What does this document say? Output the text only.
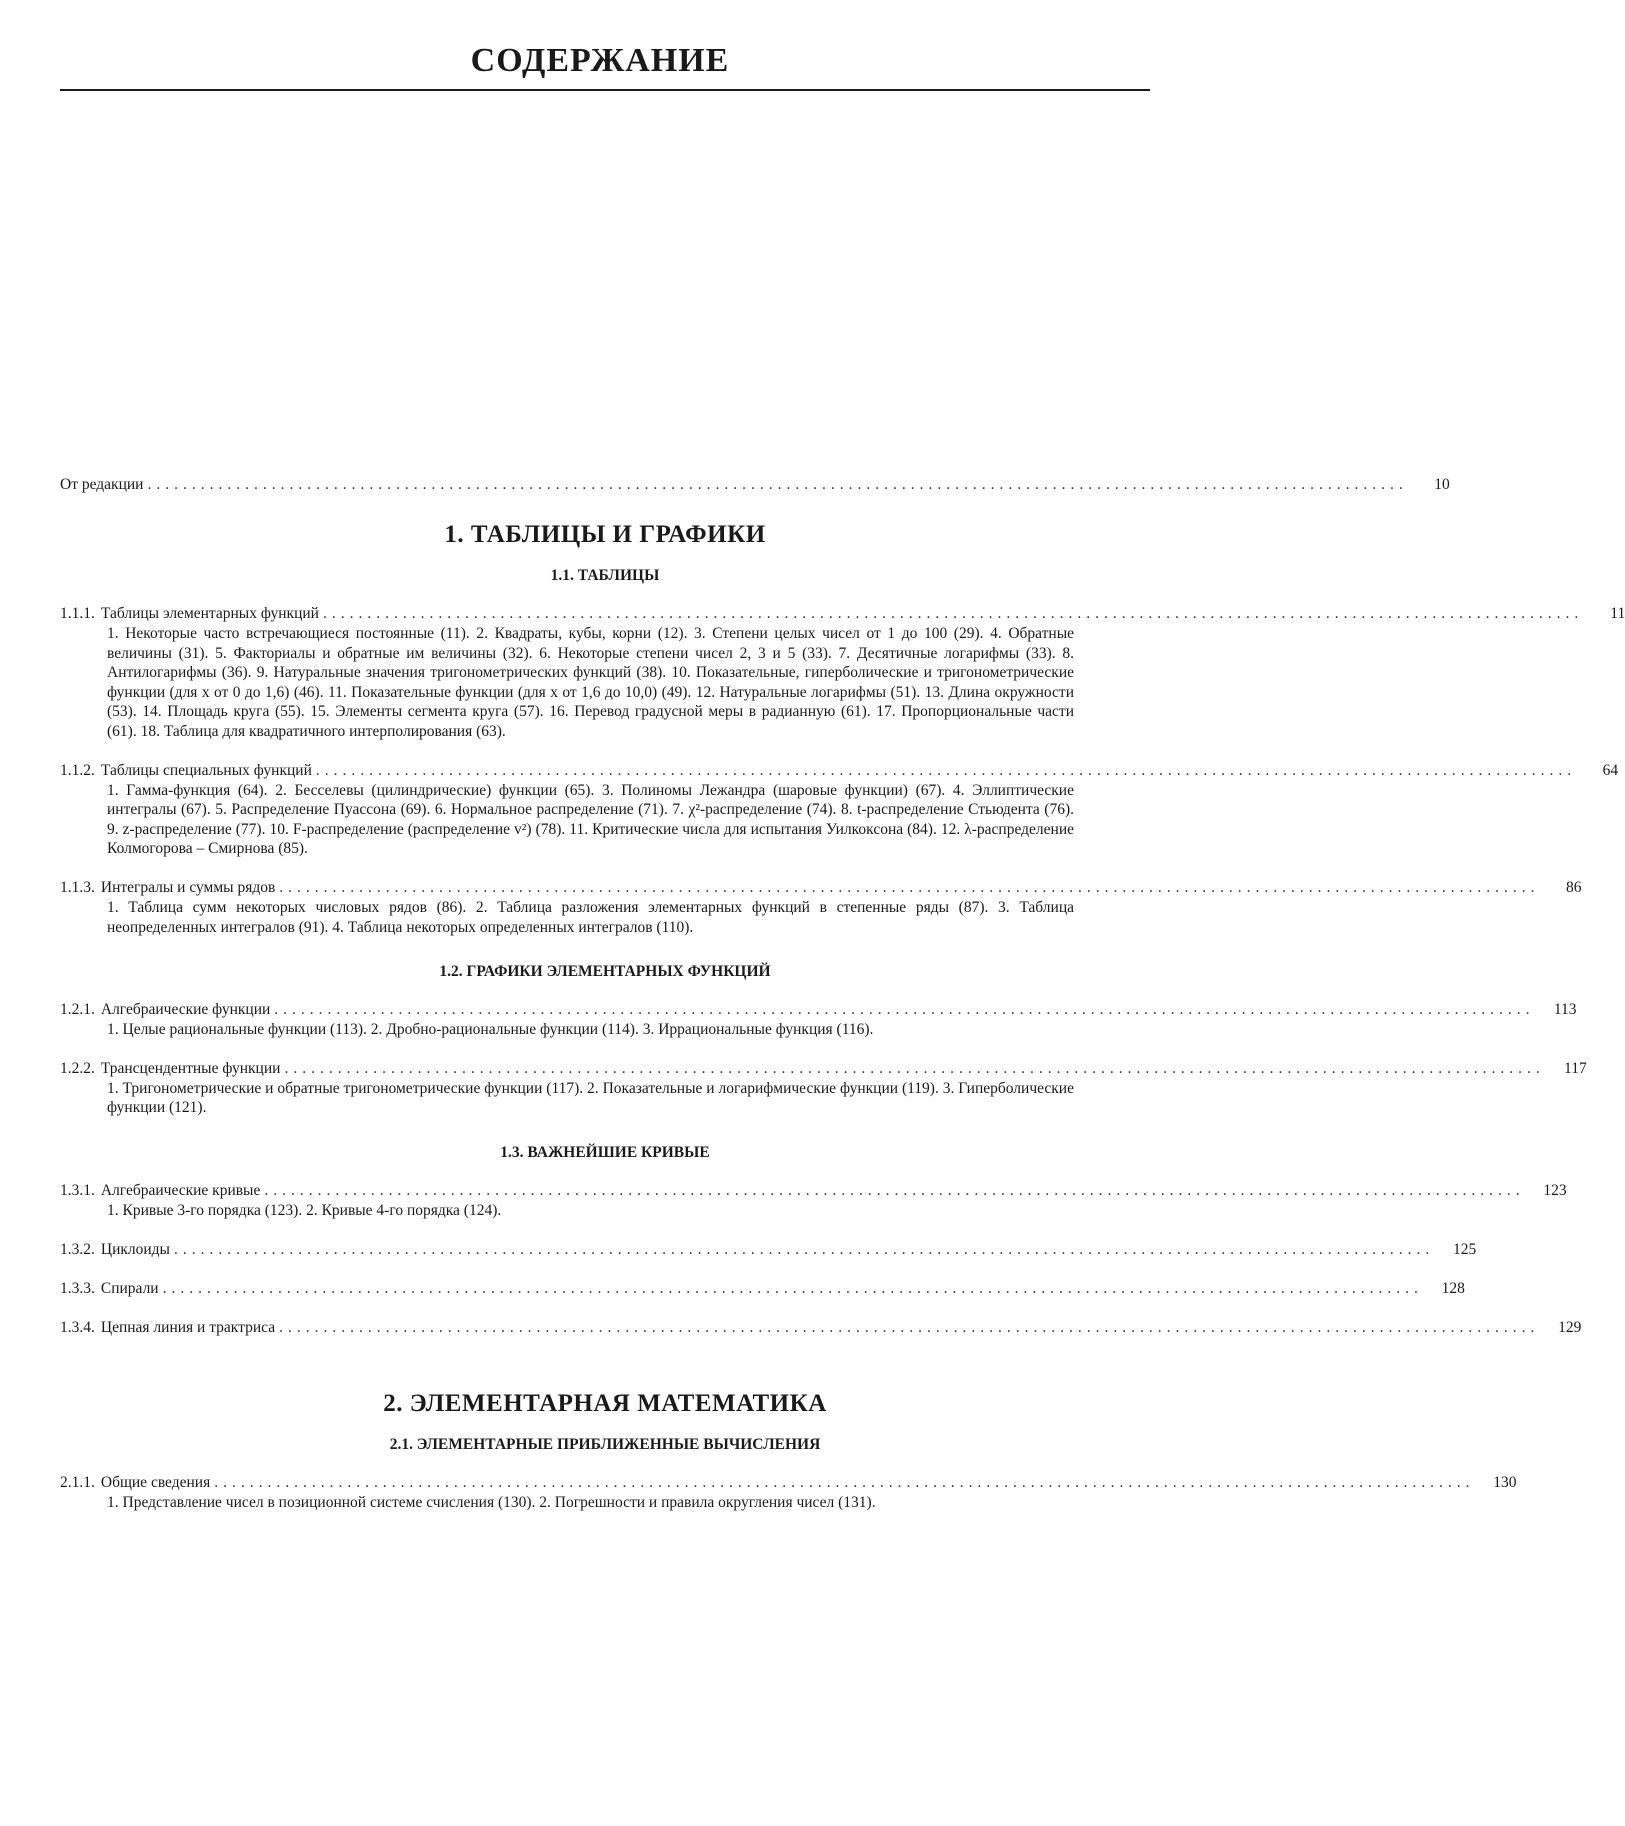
СОДЕРЖАНИЕ
От редакции ..............................................................................................................................................	10
1. ТАБЛИЦЫ И ГРАФИКИ
1.1. ТАБЛИЦЫ
1.1.1. Таблицы элементарных функций ..............................................................................................................................................	11
1. Некоторые часто встречающиеся постоянные (11). 2. Квадраты, кубы, корни (12). 3. Степени целых чисел от 1 до 100 (29). 4. Обратные величины (31). 5. Факториалы и обратные им величины (32). 6. Некоторые степени чисел 2, 3 и 5 (33). 7. Десятичные логарифмы (33). 8. Антилогарифмы (36). 9. Натуральные значения тригонометрических функций (38). 10. Показательные, гиперболические и тригонометрические функции (для x от 0 до 1,6) (46). 11. Показательные функции (для x от 1,6 до 10,0) (49). 12. Натуральные логарифмы (51). 13. Длина окружности (53). 14. Площадь круга (55). 15. Элементы сегмента круга (57). 16. Перевод градусной меры в радианную (61). 17. Пропорциональные части (61). 18. Таблица для квадратичного интерполирования (63).
1.1.2. Таблицы специальных функций ..............................................................................................................................................	64
1. Гамма-функция (64). 2. Бесселевы (цилиндрические) функции (65). 3. Полиномы Лежандра (шаровые функции) (67). 4. Эллиптические интегралы (67). 5. Распределение Пуассона (69). 6. Нормальное распределение (71). 7. χ²-распределение (74). 8. t-распределение Стьюдента (76). 9. z-распределение (77). 10. F-распределение (распределение v²) (78). 11. Критические числа для испытания Уилкоксона (84). 12. λ-распределение Колмогорова – Смирнова (85).
1.1.3. Интегралы и суммы рядов ..............................................................................................................................................	86
1. Таблица сумм некоторых числовых рядов (86). 2. Таблица разложения элементарных функций в степенные ряды (87). 3. Таблица неопределенных интегралов (91). 4. Таблица некоторых определенных интегралов (110).
1.2. ГРАФИКИ ЭЛЕМЕНТАРНЫХ ФУНКЦИЙ
1.2.1. Алгебраические функции ..............................................................................................................................................	113
1. Целые рациональные функции (113). 2. Дробно-рациональные функции (114). 3. Иррациональные функция (116).
1.2.2. Трансцендентные функции ..............................................................................................................................................	117
1. Тригонометрические и обратные тригонометрические функции (117). 2. Показательные и логарифмические функции (119). 3. Гиперболические функции (121).
1.3. ВАЖНЕЙШИЕ КРИВЫЕ
1.3.1. Алгебраические кривые ..............................................................................................................................................	123
1. Кривые 3-го порядка (123). 2. Кривые 4-го порядка (124).
1.3.2. Циклоиды ..............................................................................................................................................	125
1.3.3. Спирали ..............................................................................................................................................	128
1.3.4. Цепная линия и трактриса ..............................................................................................................................................	129
2. ЭЛЕМЕНТАРНАЯ МАТЕМАТИКА
2.1. ЭЛЕМЕНТАРНЫЕ ПРИБЛИЖЕННЫЕ ВЫЧИСЛЕНИЯ
2.1.1. Общие сведения ..............................................................................................................................................	130
1. Представление чисел в позиционной системе счисления (130). 2. Погрешности и правила округления чисел (131).
